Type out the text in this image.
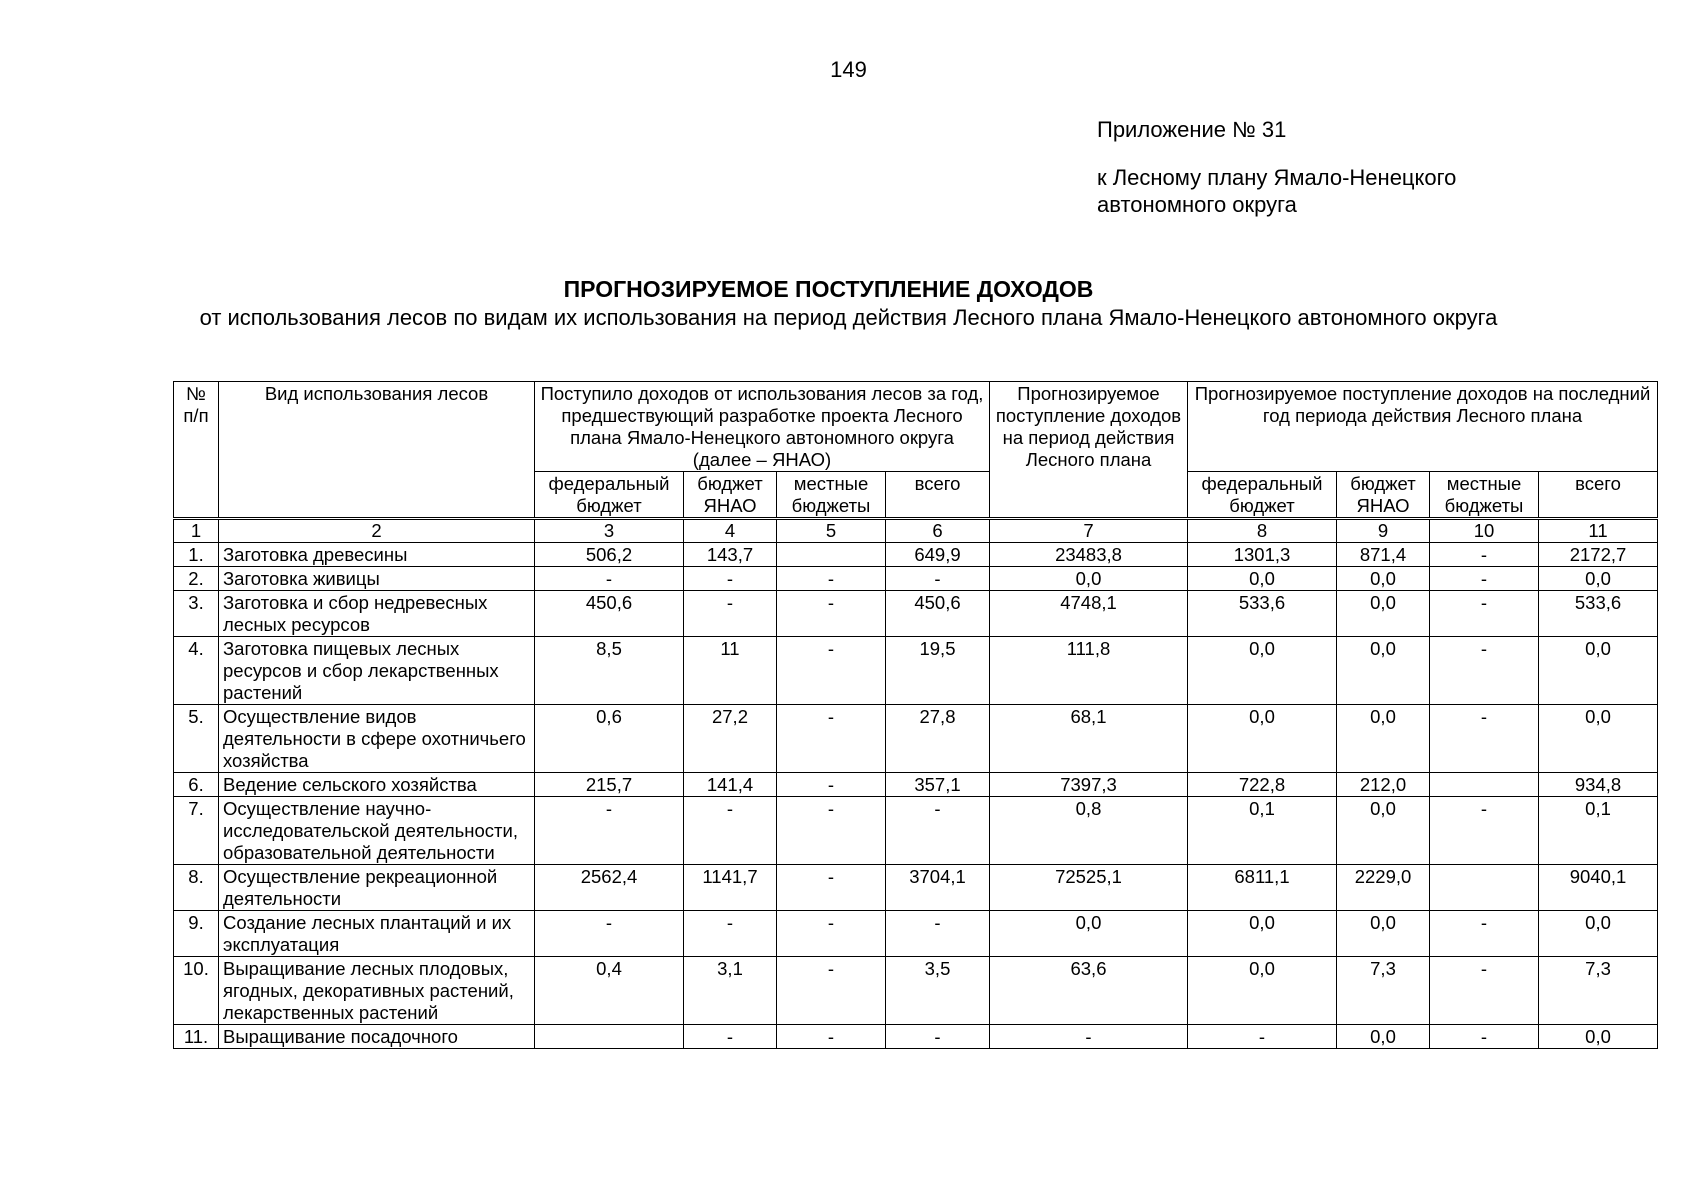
149
Приложение № 31
к Лесному плану Ямало-Ненецкого
автономного округа
ПРОГНОЗИРУЕМОЕ ПОСТУПЛЕНИЕ ДОХОДОВ
от использования лесов по видам их использования на период действия Лесного плана Ямало-Ненецкого автономного округа
№ п/п	Вид использования лесов	Поступило доходов от использования лесов за год, предшествующий разработке проекта Лесного плана Ямало-Ненецкого автономного округа (далее – ЯНАО)				Прогнозируемое поступление доходов на период действия Лесного плана	Прогнозируемое поступление доходов на последний год периода действия Лесного плана			
		федеральный бюджет	бюджет ЯНАО	местные бюджеты	всего		федеральный бюджет	бюджет ЯНАО	местные бюджеты	всего
1	2	3	4	5	6	7	8	9	10	11
1.	Заготовка древесины	506,2	143,7		649,9	23483,8	1301,3	871,4	-	2172,7
2.	Заготовка живицы	-	-	-	-	0,0	0,0	0,0	-	0,0
3.	Заготовка и сбор недревесных лесных ресурсов	450,6	-	-	450,6	4748,1	533,6	0,0	-	533,6
4.	Заготовка пищевых лесных ресурсов и сбор лекарственных растений	8,5	11	-	19,5	111,8	0,0	0,0	-	0,0
5.	Осуществление видов деятельности в сфере охотничьего хозяйства	0,6	27,2	-	27,8	68,1	0,0	0,0	-	0,0
6.	Ведение сельского хозяйства	215,7	141,4	-	357,1	7397,3	722,8	212,0		934,8
7.	Осуществление научно-исследовательской деятельности, образовательной деятельности	-	-	-	-	0,8	0,1	0,0	-	0,1
8.	Осуществление рекреационной деятельности	2562,4	1141,7	-	3704,1	72525,1	6811,1	2229,0		9040,1
9.	Создание лесных плантаций и их эксплуатация	-	-	-	-	0,0	0,0	0,0	-	0,0
10.	Выращивание лесных плодовых, ягодных, декоративных растений, лекарственных растений	0,4	3,1	-	3,5	63,6	0,0	7,3	-	7,3
11.	Выращивание посадочного		-	-	-	-	-	0,0	-	0,0
